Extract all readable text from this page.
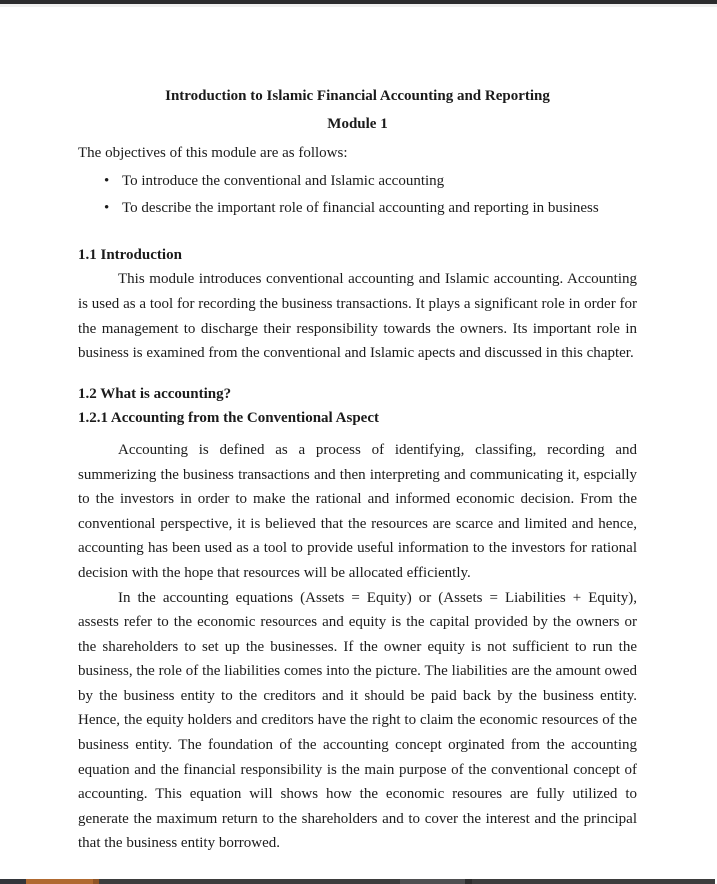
Introduction to Islamic Financial Accounting and Reporting
Module 1

The objectives of this module are as follows:

• To introduce the conventional and Islamic accounting
• To describe the important role of financial accounting and reporting in business
1.1 Introduction

This module introduces conventional accounting and Islamic accounting. Accounting is used as a tool for recording the business transactions. It plays a significant role in order for the management to discharge their responsibility towards the owners. Its important role in business is examined from the conventional and Islamic apects and discussed in this chapter.

1.2 What is accounting?
1.2.1 Accounting from the Conventional Aspect

Accounting is defined as a process of identifying, classifing, recording and summerizing the business transactions and then interpreting and communicating it, espcially to the investors in order to make the rational and informed economic decision. From the conventional perspective, it is believed that the resources are scarce and limited and hence, accounting has been used as a tool to provide useful information to the investors for rational decision with the hope that resources will be allocated efficiently.

In the accounting equations (Assets = Equity) or (Assets = Liabilities + Equity), assests refer to the economic resources and equity is the capital provided by the owners or the shareholders to set up the businesses. If the owner equity is not sufficient to run the business, the role of the liabilities comes into the picture. The liabilities are the amount owed by the business entity to the creditors and it should be paid back by the business entity. Hence, the equity holders and creditors have the right to claim the economic resources of the business entity. The foundation of the accounting concept orginated from the accounting equation and the financial responsibility is the main purpose of the conventional concept of accounting. This equation will shows how the economic resoures are fully utilized to generate the maximum return to the shareholders and to cover the interest and the principal that the business entity borrowed.
